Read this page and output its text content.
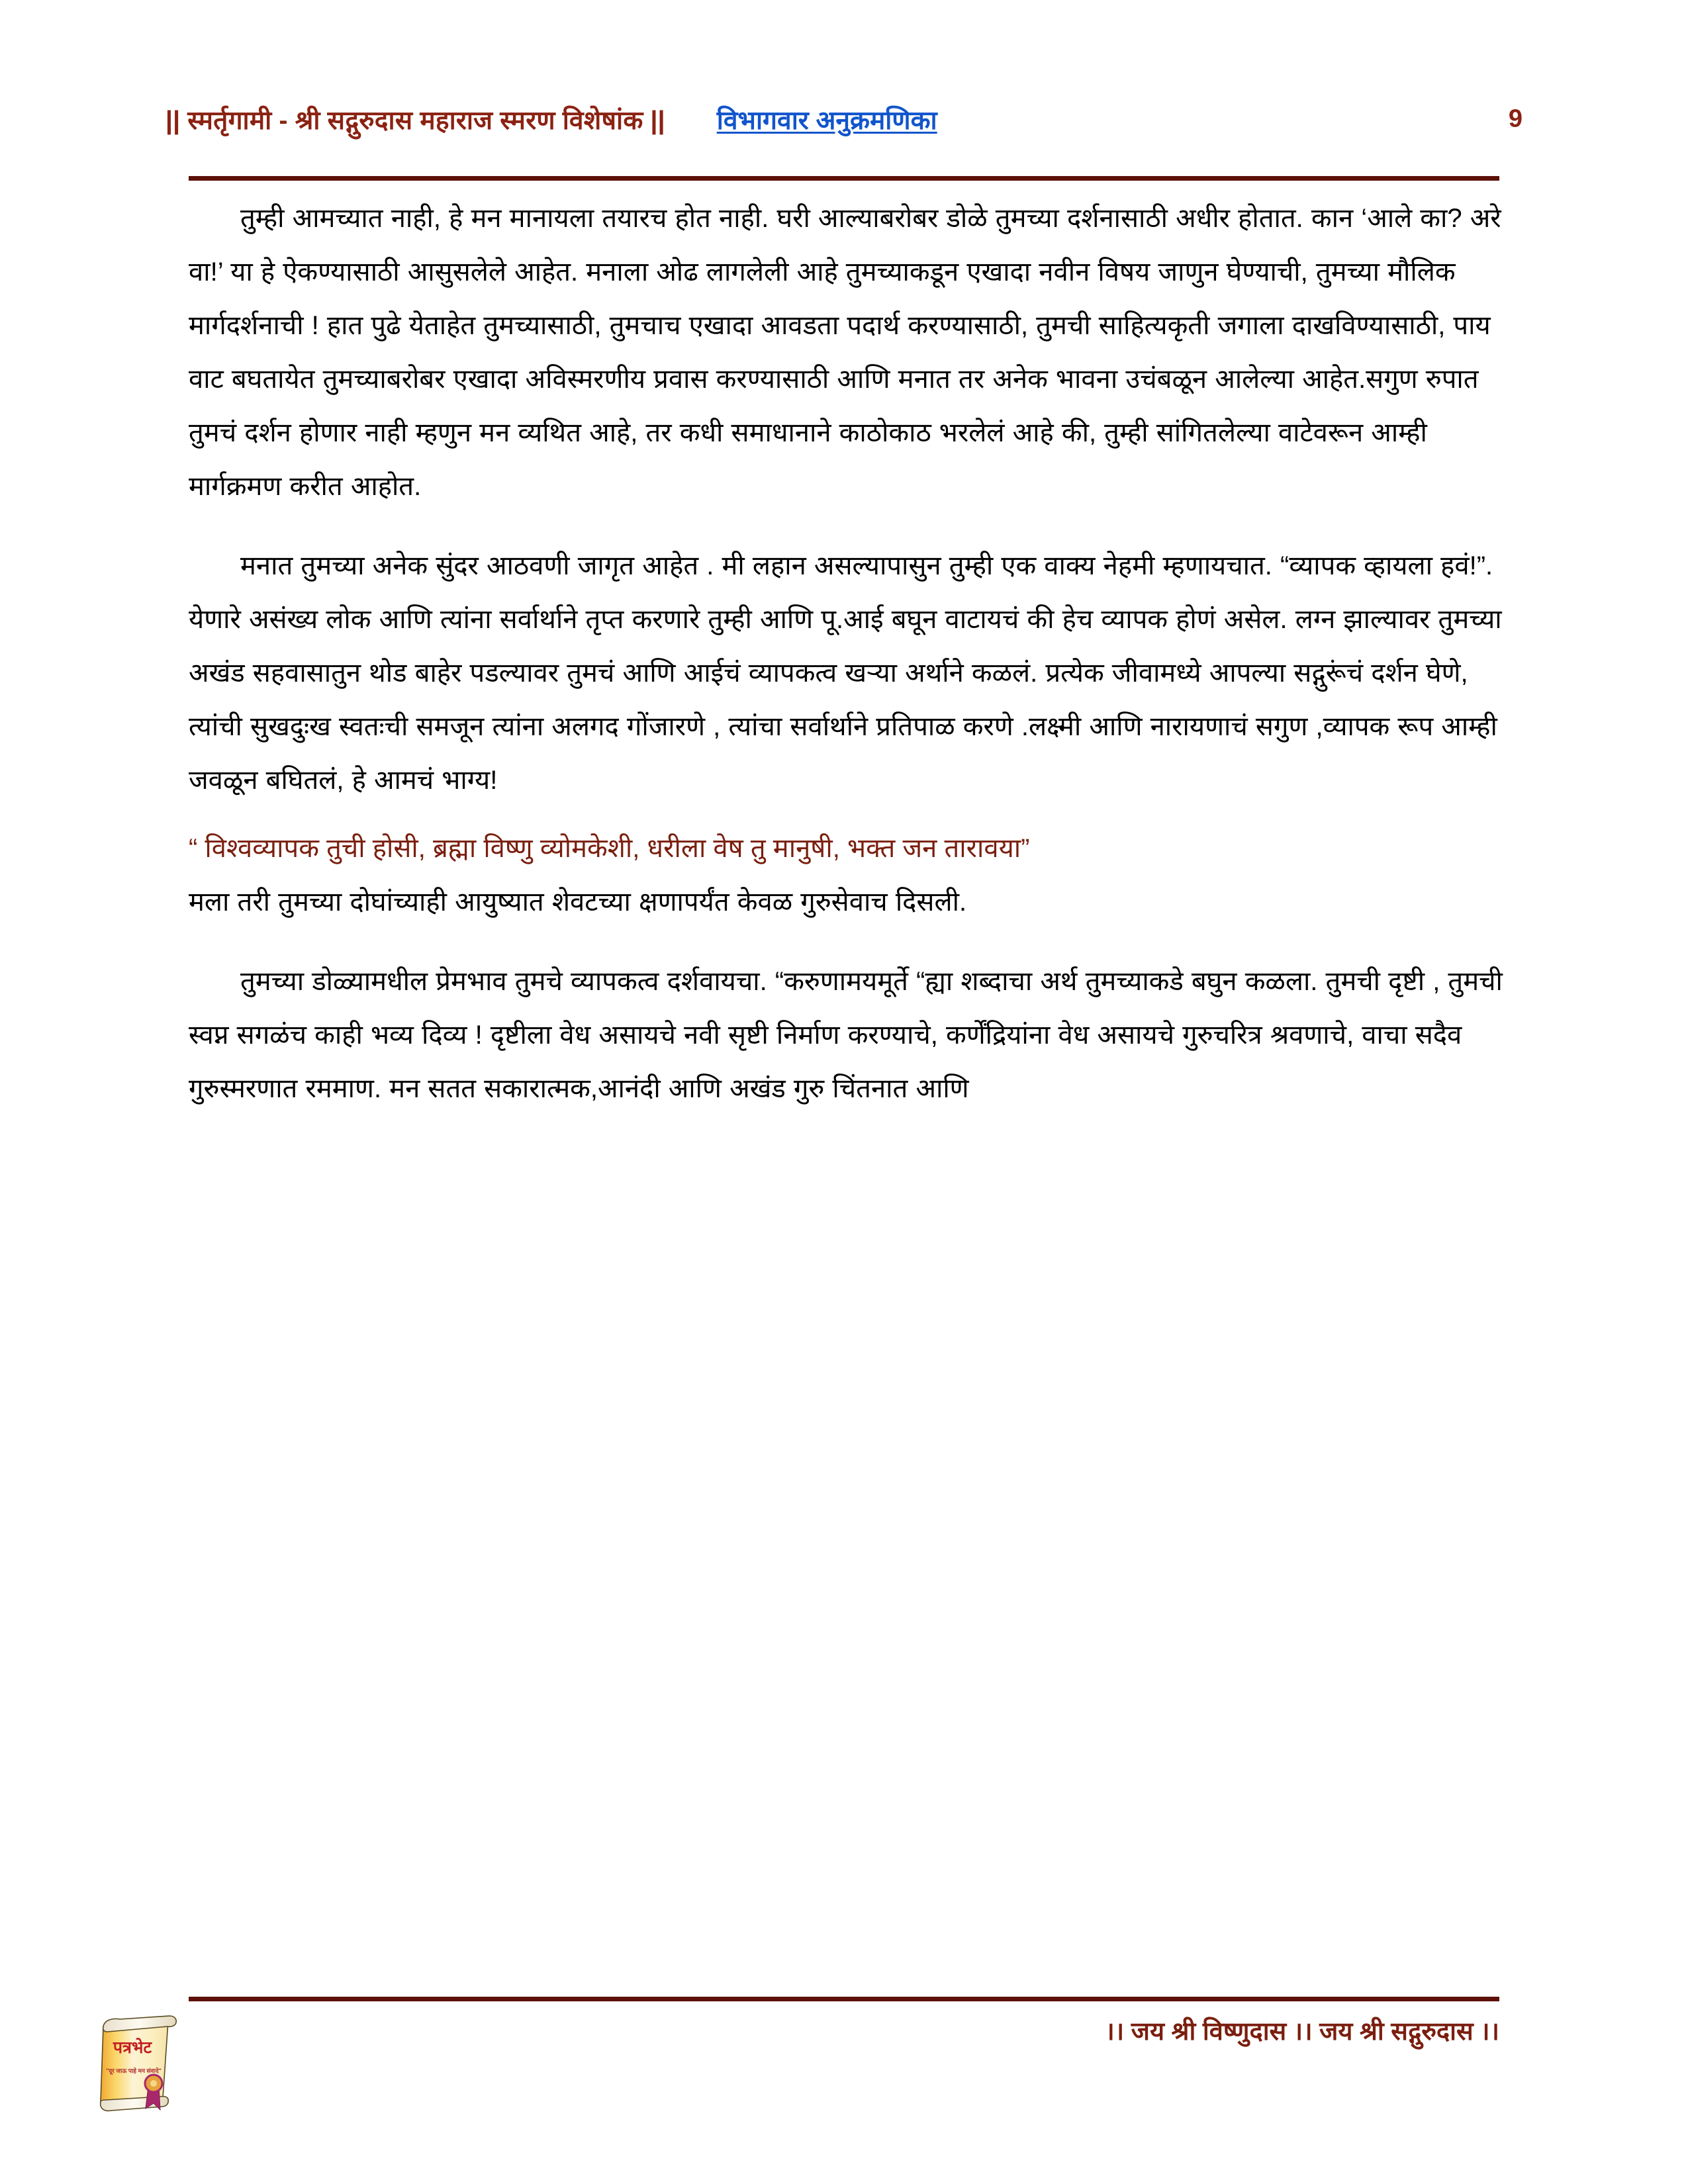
|| स्मर्तृगामी - श्री सद्गुरुदास महाराज स्मरण विशेषांक || विभागवार अनुक्रमणिका	9

तुम्ही आमच्यात नाही, हे मन मानायला तयारच होत नाही. घरी आल्याबरोबर डोळे तुमच्या दर्शनासाठी अधीर होतात. कान ‘आले का? अरे वा!’ या हे ऐकण्यासाठी आसुसलेले आहेत. मनाला ओढ लागलेली आहे तुमच्याकडून एखादा नवीन विषय जाणुन घेण्याची, तुमच्या मौलिक मार्गदर्शनाची ! हात पुढे येताहेत तुमच्यासाठी, तुमचाच एखादा आवडता पदार्थ करण्यासाठी, तुमची साहित्यकृती जगाला दाखविण्यासाठी, पाय वाट बघतायेत तुमच्याबरोबर एखादा अविस्मरणीय प्रवास करण्यासाठी आणि मनात तर अनेक भावना उचंबळून आलेल्या आहेत.सगुण रुपात तुमचं दर्शन होणार नाही म्हणुन मन व्यथित आहे, तर कधी समाधानाने काठोकाठ भरलेलं आहे की, तुम्ही सांगितलेल्या वाटेवरून आम्ही मार्गक्रमण करीत आहोत.

मनात तुमच्या अनेक सुंदर आठवणी जागृत आहेत . मी लहान असल्यापासुन तुम्ही एक वाक्य नेहमी म्हणायचात. “व्यापक व्हायला हवं!”. येणारे असंख्य लोक आणि त्यांना सर्वार्थाने तृप्त करणारे तुम्ही आणि पू.आई बघून वाटायचं की हेच व्यापक होणं असेल. लग्न झाल्यावर तुमच्या अखंड सहवासातुन थोड बाहेर पडल्यावर तुमचं आणि आईचं व्यापकत्व खऱ्या अर्थाने कळलं. प्रत्येक जीवामध्ये आपल्या सद्गुरूंचं दर्शन घेणे, त्यांची सुखदुःख स्वतःची समजून त्यांना अलगद गोंजारणे , त्यांचा सर्वार्थाने प्रतिपाळ करणे .लक्ष्मी आणि नारायणाचं सगुण ,व्यापक रूप आम्ही जवळून बघितलं, हे आमचं भाग्य!

“ विश्वव्यापक तुची होसी, ब्रह्मा विष्णु व्योमकेशी, धरीला वेष तु मानुषी, भक्त जन तारावया”

मला तरी तुमच्या दोघांच्याही आयुष्यात शेवटच्या क्षणापर्यंत केवळ गुरुसेवाच दिसली.

तुमच्या डोळ्यामधील प्रेमभाव तुमचे व्यापकत्व दर्शवायचा. “करुणामयमूर्ते “ह्या शब्दाचा अर्थ तुमच्याकडे बघुन कळला. तुमची दृष्टी , तुमची स्वप्न सगळंच काही भव्य दिव्य ! दृष्टीला वेध असायचे नवी सृष्टी निर्माण करण्याचे, कर्णेंद्रियांना वेध असायचे गुरुचरित्र श्रवणाचे, वाचा सदैव गुरुस्मरणात रममाण. मन सतत सकारात्मक,आनंदी आणि अखंड गुरु चिंतनात आणि

।। जय श्री विष्णुदास ।। जय श्री सद्गुरुदास ।।
पत्रभेट
"दूर जाऊ पाहे मन संवादे"
